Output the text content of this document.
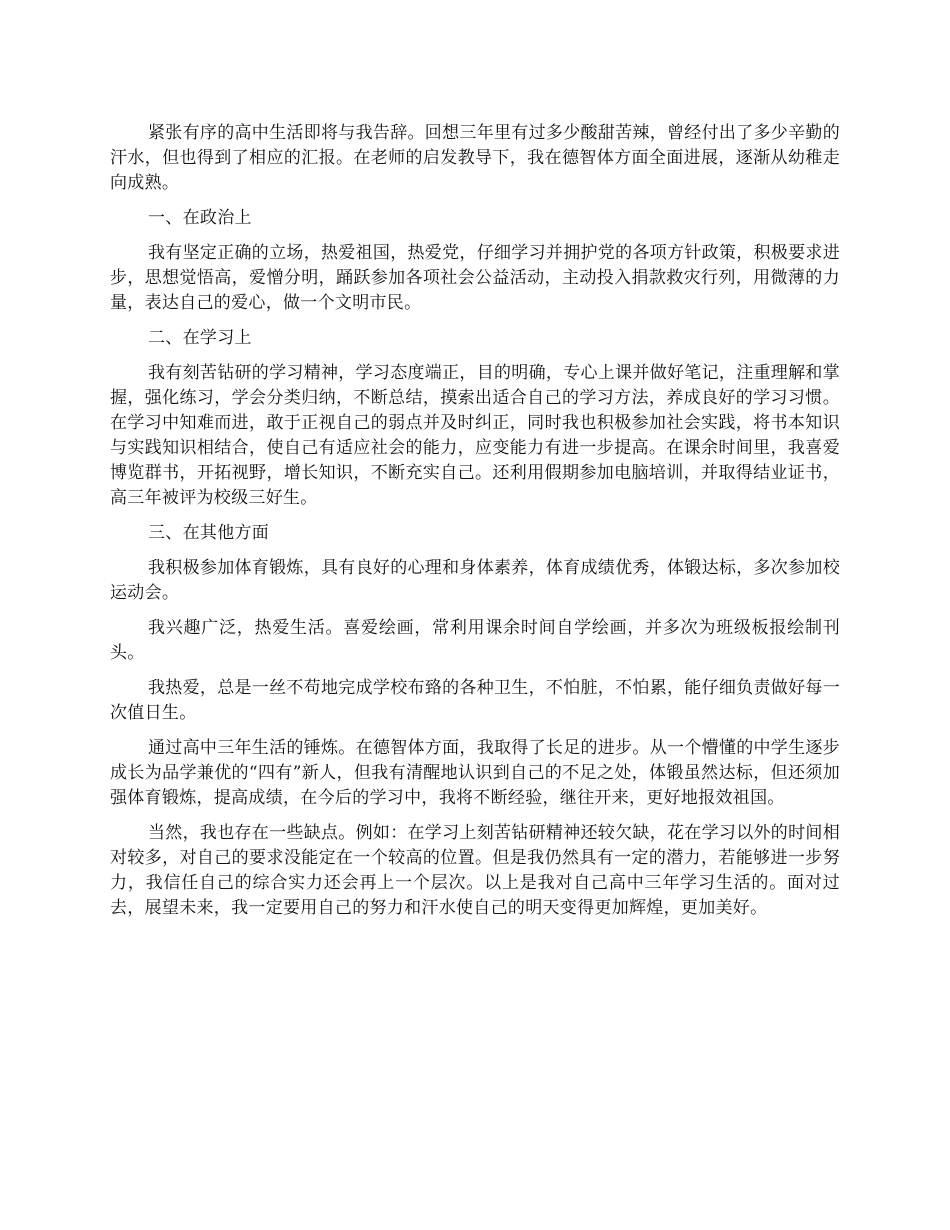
紧张有序的高中生活即将与我告辞。回想三年里有过多少酸甜苦辣，曾经付出了多少辛勤的汗水，但也得到了相应的汇报。在老师的启发教导下，我在德智体方面全面进展，逐渐从幼稚走向成熟。

一、在政治上

我有坚定正确的立场，热爱祖国，热爱党，仔细学习并拥护党的各项方针政策，积极要求进步，思想觉悟高，爱憎分明，踊跃参加各项社会公益活动，主动投入捐款救灾行列，用微薄的力量，表达自己的爱心，做一个文明市民。

二、在学习上

我有刻苦钻研的学习精神，学习态度端正，目的明确，专心上课并做好笔记，注重理解和掌握，强化练习，学会分类归纳，不断总结，摸索出适合自己的学习方法，养成良好的学习习惯。在学习中知难而进，敢于正视自己的弱点并及时纠正，同时我也积极参加社会实践，将书本知识与实践知识相结合，使自己有适应社会的能力，应变能力有进一步提高。在课余时间里，我喜爱博览群书，开拓视野，增长知识，不断充实自己。还利用假期参加电脑培训，并取得结业证书，高三年被评为校级三好生。

三、在其他方面

我积极参加体育锻炼，具有良好的心理和身体素养，体育成绩优秀，体锻达标，多次参加校运动会。

我兴趣广泛，热爱生活。喜爱绘画，常利用课余时间自学绘画，并多次为班级板报绘制刊头。

我热爱，总是一丝不苟地完成学校布臵的各种卫生，不怕脏，不怕累，能仔细负责做好每一次值日生。

通过高中三年生活的锤炼。在德智体方面，我取得了长足的进步。从一个懵懂的中学生逐步成长为品学兼优的“四有”新人，但我有清醒地认识到自己的不足之处，体锻虽然达标，但还须加强体育锻炼，提高成绩，在今后的学习中，我将不断经验，继往开来，更好地报效祖国。

当然，我也存在一些缺点。例如：在学习上刻苦钻研精神还较欠缺，花在学习以外的时间相对较多，对自己的要求没能定在一个较高的位置。但是我仍然具有一定的潜力，若能够进一步努力，我信任自己的综合实力还会再上一个层次。以上是我对自己高中三年学习生活的。面对过去，展望未来，我一定要用自己的努力和汗水使自己的明天变得更加辉煌，更加美好。
